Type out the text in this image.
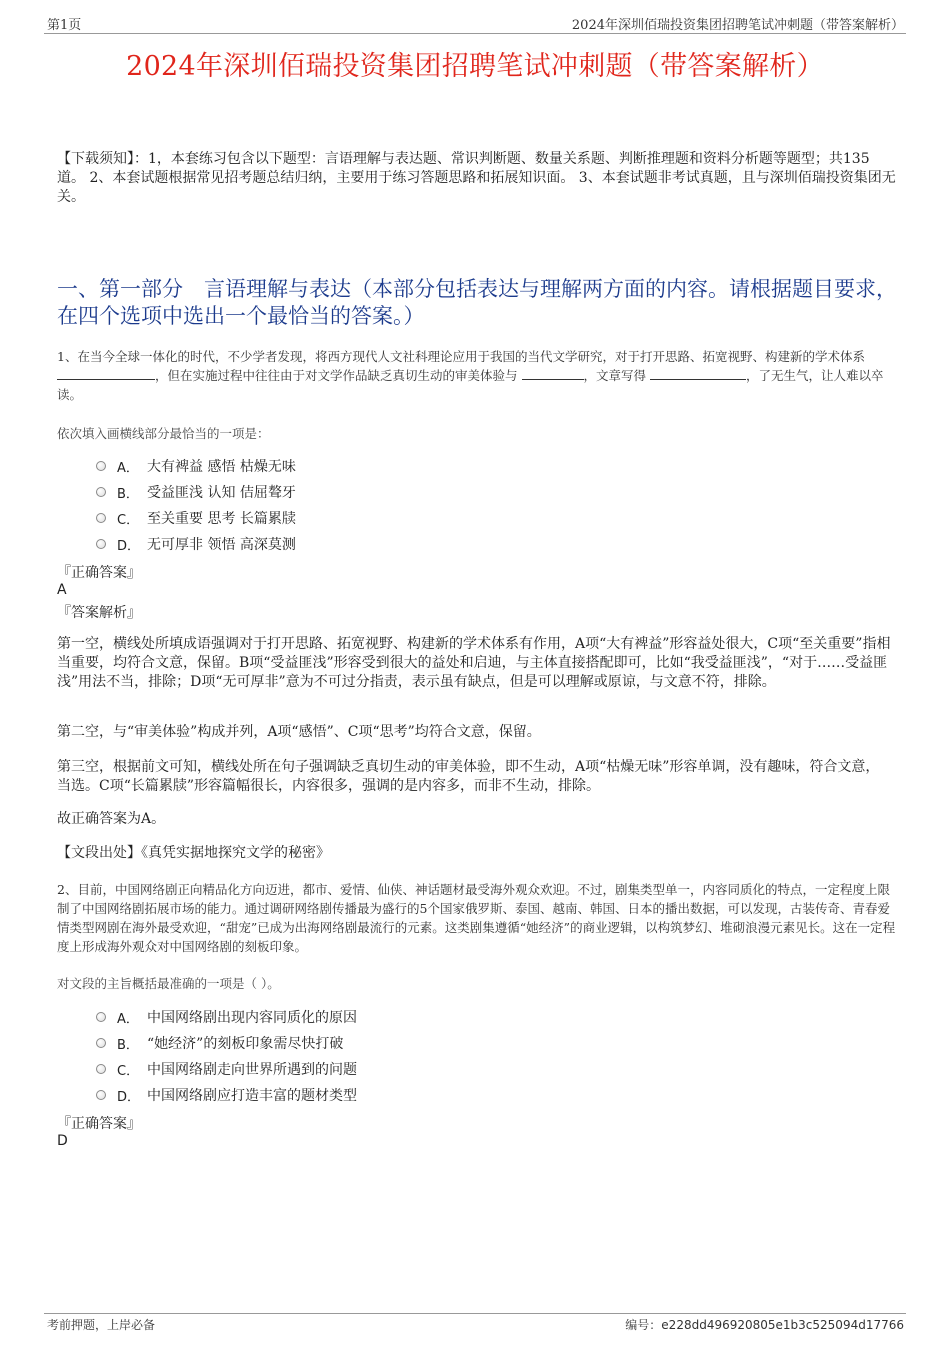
第1页	2024年深圳佰瑞投资集团招聘笔试冲刺题（带答案解析）
2024年深圳佰瑞投资集团招聘笔试冲刺题（带答案解析）
【下载须知】：1，本套练习包含以下题型：言语理解与表达题、常识判断题、数量关系题、判断推理题和资料分析题等题型；共135道。 2、本套试题根据常见招考题总结归纳，主要用于练习答题思路和拓展知识面。 3、本套试题非考试真题，且与深圳佰瑞投资集团无关。
一、第一部分　言语理解与表达（本部分包括表达与理解两方面的内容。请根据题目要求，在四个选项中选出一个最恰当的答案。）
1、在当今全球一体化的时代，不少学者发现，将西方现代人文社科理论应用于我国的当代文学研究，对于打开思路、拓宽视野、构建新的学术体系 ，但在实施过程中往往由于对文学作品缺乏真切生动的审美体验与	，文章写得	，了无生气，让人难以卒读。
依次填入画横线部分最恰当的一项是：
A． 大有裨益 感悟 枯燥无味
B． 受益匪浅 认知 佶屈聱牙
C． 至关重要 思考 长篇累牍
D． 无可厚非 领悟 高深莫测
『正确答案』
A
『答案解析』
第一空，横线处所填成语强调对于打开思路、拓宽视野、构建新的学术体系有作用，A项“大有裨益”形容益处很大，C项“至关重要”指相当重要，均符合文意，保留。B项“受益匪浅”形容受到很大的益处和启迪，与主体直接搭配即可，比如“我受益匪浅”，“对于……受益匪浅”用法不当，排除；D项“无可厚非”意为不可过分指责，表示虽有缺点，但是可以理解或原谅，与文意不符，排除。
第二空，与“审美体验”构成并列，A项“感悟”、C项“思考”均符合文意，保留。
第三空，根据前文可知，横线处所在句子强调缺乏真切生动的审美体验，即不生动，A项“枯燥无味”形容单调，没有趣味，符合文意，当选。C项“长篇累牍”形容篇幅很长，内容很多，强调的是内容多，而非不生动，排除。
故正确答案为A。
【文段出处】《真凭实据地探究文学的秘密》
2、目前，中国网络剧正向精品化方向迈进，都市、爱情、仙侠、神话题材最受海外观众欢迎。不过，剧集类型单一，内容同质化的特点，一定程度上限制了中国网络剧拓展市场的能力。通过调研网络剧传播最为盛行的5个国家俄罗斯、泰国、越南、韩国、日本的播出数据，可以发现，古装传奇、青春爱情类型网剧在海外最受欢迎，“甜宠”已成为出海网络剧最流行的元素。这类剧集遵循“她经济”的商业逻辑，以构筑梦幻、堆砌浪漫元素见长。这在一定程度上形成海外观众对中国网络剧的刻板印象。
对文段的主旨概括最准确的一项是（ ）。
A． 中国网络剧出现内容同质化的原因
B． “她经济”的刻板印象需尽快打破
C． 中国网络剧走向世界所遇到的问题
D． 中国网络剧应打造丰富的题材类型
『正确答案』
D
考前押题，上岸必备	编号：e228dd496920805e1b3c525094d17766
